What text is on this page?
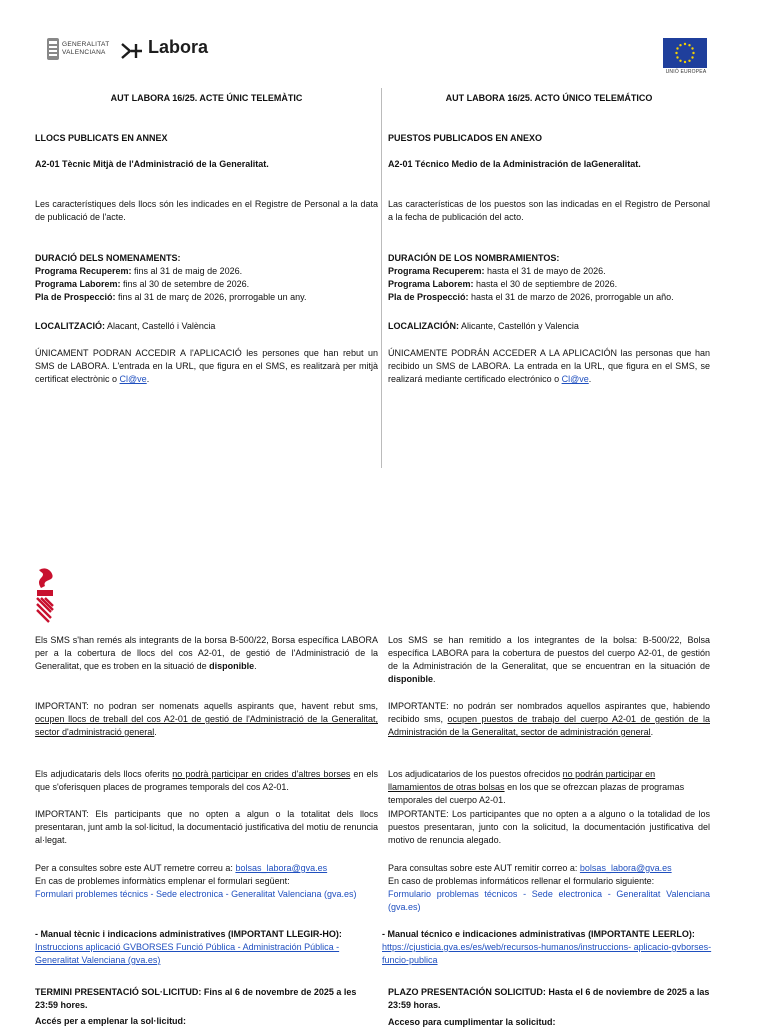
GENERALITAT
VALENCIANA Labora
UNIÓ EUROPEA
AUT LABORA 16/25. ACTE ÚNIC TELEMÀTIC
LLOCS PUBLICATS EN ANNEX
A2-01 Tècnic Mitjà de l'Administració de la Generalitat.
Les característiques dels llocs són les indicades en el Registre de Personal a la data de publicació de l'acte.

DURACIÓ DELS NOMENAMENTS:

Programa Recuperem: fins al 31 de maig de 2026.

Programa Laborem: fins al 30 de setembre de 2026.

Pla de Prospecció: fins al 31 de març de 2026, prorrogable un any.

LOCALITZACIÓ: Alacant, Castelló i València
ÚNICAMENT PODRAN ACCEDIR A l'APLICACIÓ les persones que han rebut un SMS de LABORA. L'entrada en la URL, que figura en el SMS, es realitzarà per mitjà certificat electrònic o Cl@ve.
AUT LABORA 16/25. ACTO ÚNICO TELEMÁTICO
PUESTOS PUBLICADOS EN ANEXO
A2-01 Técnico Medio de la Administración de laGeneralitat.
Las características de los puestos son las indicadas en el Registro de Personal a la fecha de publicación del acto.

DURACIÓN DE LOS NOMBRAMIENTOS:

Programa Recuperem: hasta el 31 de mayo de 2026.

Programa Laborem: hasta el 30 de septiembre de 2026.

Pla de Prospecció: hasta el 31 de marzo de 2026, prorrogable un año.

LOCALIZACIÓN: Alicante, Castellón y Valencia
ÚNICAMENTE PODRÁN ACCEDER A LA APLICACIÓN las personas que han recibido un SMS de LABORA. La entrada en la URL, que figura en el SMS, se realizará mediante certificado electrónico o Cl@ve.
Els SMS s'han remés als integrants de la borsa B-500/22, Borsa específica LABORA per a la cobertura de llocs del cos A2-01, de gestió de l'Administració de la Generalitat, que es troben en la situació de disponible.
IMPORTANT: no podran ser nomenats aquells aspirants que, havent rebut sms, ocupen llocs de treball del cos A2-01 de gestió de l'Administració de la Generalitat, sector d'administració general.
Els adjudicataris dels llocs oferits no podrà participar en crides d'altres borses en els que s'oferisquen places de programes temporals del cos A2-01.
IMPORTANT: Els participants que no opten a algun o la totalitat dels llocs presentaran, junt amb la sol·licitud, la documentació justificativa del motiu de renuncia al·legat.

Per a consultes sobre este AUT remetre correu a: bolsas_labora@gva.es

En cas de problemes informàtics emplenar el formulari següent:

Formulari problemes técnics - Sede electronica - Generalitat Valenciana (gva.es)

- Manual tècnic i indicacions administratives (IMPORTANT LLEGIR-HO):

Instruccions aplicació GVBORSES Funció Pública - Administración Pública - Generalitat Valenciana (gva.es)

TERMINI PRESENTACIÓ SOL·LICITUD: Fins al 6 de novembre de 2025 a les 23:59 hores.
Accés per a emplenar la sol·licitud:
Los SMS se han remitido a los integrantes de la bolsa: B-500/22, Bolsa específica LABORA para la cobertura de puestos del cuerpo A2-01, de gestión de la Administración de la Generalitat, que se encuentran en la situación de disponible.
IMPORTANTE: no podrán ser nombrados aquellos aspirantes que, habiendo recibido sms, ocupen puestos de trabajo del cuerpo A2-01 de gestión de la Administración de la Generalitat, sector de administración general.
Los adjudicatarios de los puestos ofrecidos no podrán participar en llamamientos de otras bolsas en los que se ofrezcan plazas de programas temporales del cuerpo A2-01.
IMPORTANTE: Los participantes que no opten a a alguno o la totalidad de los puestos presentaran, junto con la solicitud, la documentación justificativa del motivo de renuncia alegado.

Para consultas sobre este AUT remitir correo a: bolsas_labora@gva.es

En caso de problemas informáticos rellenar el formulario siguiente:

Formulario problemas técnicos - Sede electronica - Generalitat Valenciana (gva.es)

- Manual técnico e indicaciones administrativas (IMPORTANTE LEERLO):

https://cjusticia.gva.es/es/web/recursos-humanos/instruccions- aplicacio-gvborses-funcio-publica

PLAZO PRESENTACIÓN SOLICITUD: Hasta el 6 de noviembre de 2025 a las 23:59 horas.
Acceso para cumplimentar la solicitud:
